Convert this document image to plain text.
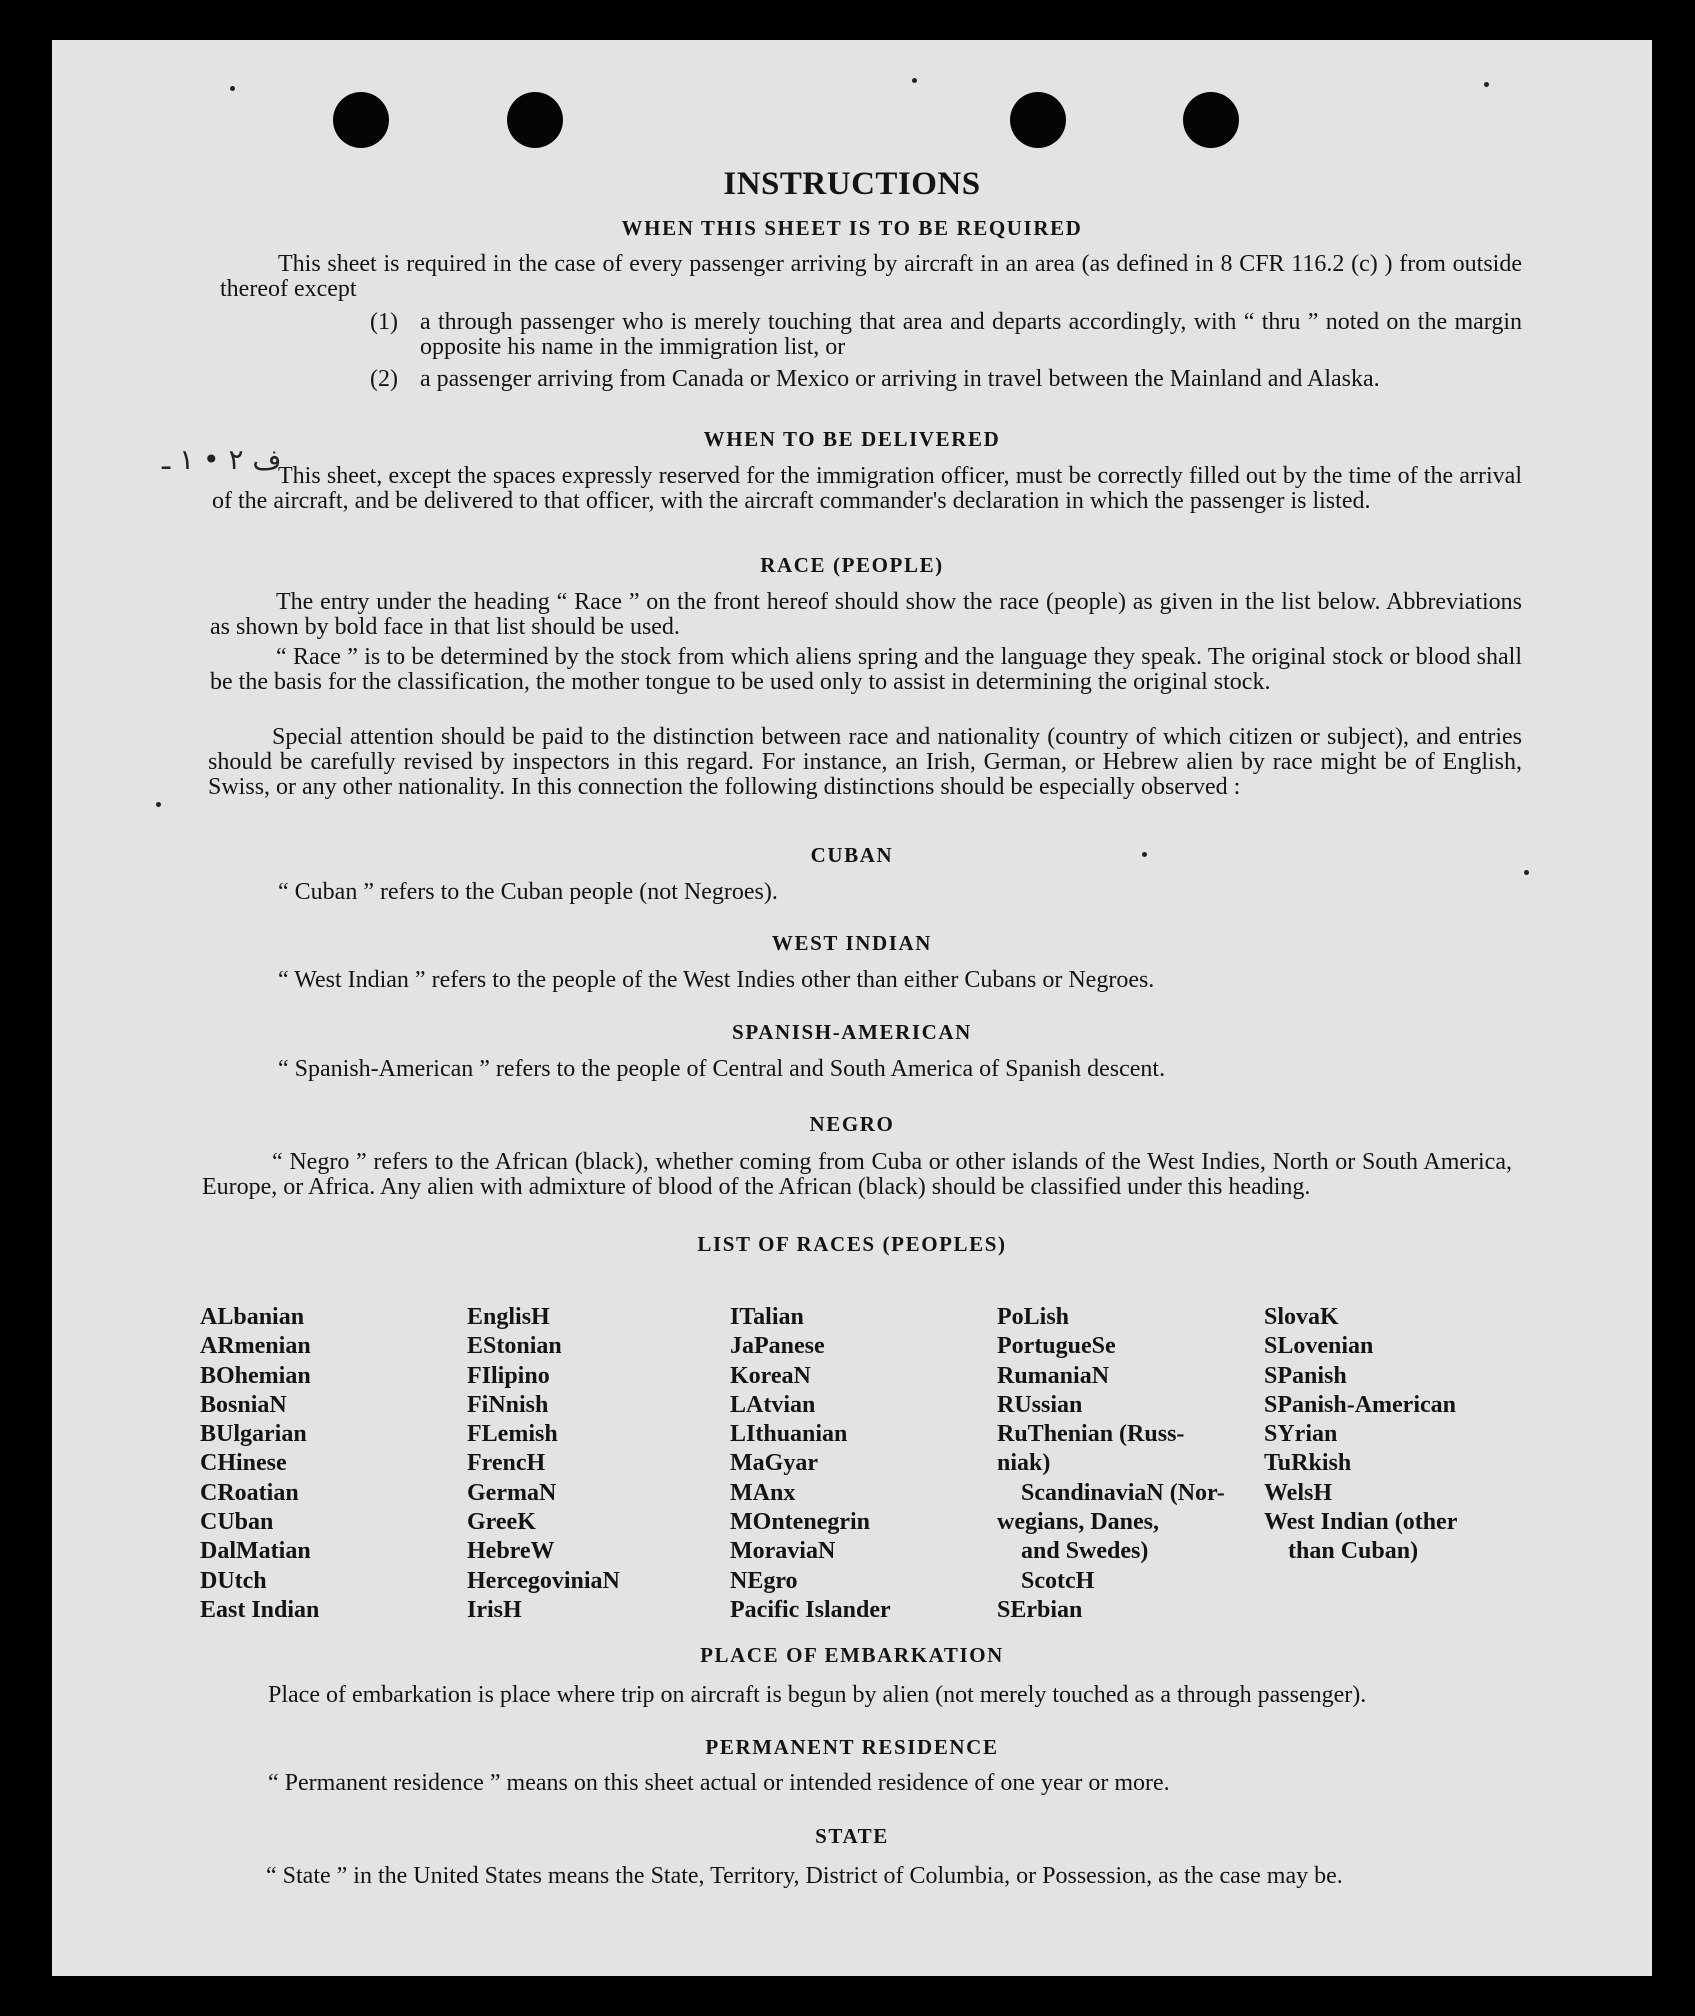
ف ٢ • ١ ـ
INSTRUCTIONS
WHEN THIS SHEET IS TO BE REQUIRED
This sheet is required in the case of every passenger arriving by aircraft in an area (as defined in 8 CFR 116.2 (c) ) from outside thereof except
(1) a through passenger who is merely touching that area and departs accordingly, with “ thru ” noted on the margin opposite his name in the immigration list, or
(2) a passenger arriving from Canada or Mexico or arriving in travel between the Mainland and Alaska.
WHEN TO BE DELIVERED
This sheet, except the spaces expressly reserved for the immigration officer, must be correctly filled out by the time of the arrival of the aircraft, and be delivered to that officer, with the aircraft commander's declaration in which the passenger is listed.
RACE (PEOPLE)
The entry under the heading “ Race ” on the front hereof should show the race (people) as given in the list below. Abbreviations as shown by bold face in that list should be used.
“ Race ” is to be determined by the stock from which aliens spring and the language they speak. The original stock or blood shall be the basis for the classification, the mother tongue to be used only to assist in determining the original stock.
Special attention should be paid to the distinction between race and nationality (country of which citizen or subject), and entries should be carefully revised by inspectors in this regard. For instance, an Irish, German, or Hebrew alien by race might be of English, Swiss, or any other nationality. In this connection the following distinctions should be especially observed :
CUBAN
“ Cuban ” refers to the Cuban people (not Negroes).
WEST INDIAN
“ West Indian ” refers to the people of the West Indies other than either Cubans or Negroes.
SPANISH-AMERICAN
“ Spanish-American ” refers to the people of Central and South America of Spanish descent.
NEGRO
“ Negro ” refers to the African (black), whether coming from Cuba or other islands of the West Indies, North or South America, Europe, or Africa. Any alien with admixture of blood of the African (black) should be classified under this heading.
LIST OF RACES (PEOPLES)
ALbanian
ARmenian
BOhemian
BosniaN
BUlgarian
CHinese
CRoatian
CUban
DalMatian
DUtch
East Indian
EnglisH
EStonian
FIlipino
FiNnish
FLemish
FrencH
GermaN
GreeK
HebreW
HercegoviniaN
IrisH
ITalian
JaPanese
KoreaN
LAtvian
LIthuanian
MaGyar
MAnx
MOntenegrin
MoraviaN
NEgro
Pacific Islander
PoLish
PortugueSe
RumaniaN
RUssian
RuThenian (Russ-
niak)
ScandinaviaN (Nor-
wegians, Danes,
and Swedes)
ScotcH
SErbian
SlovaK
SLovenian
SPanish
SPanish-American
SYrian
TuRkish
WelsH
West Indian (other
than Cuban)
PLACE OF EMBARKATION
Place of embarkation is place where trip on aircraft is begun by alien (not merely touched as a through passenger).
PERMANENT RESIDENCE
“ Permanent residence ” means on this sheet actual or intended residence of one year or more.
STATE
“ State ” in the United States means the State, Territory, District of Columbia, or Possession, as the case may be.
